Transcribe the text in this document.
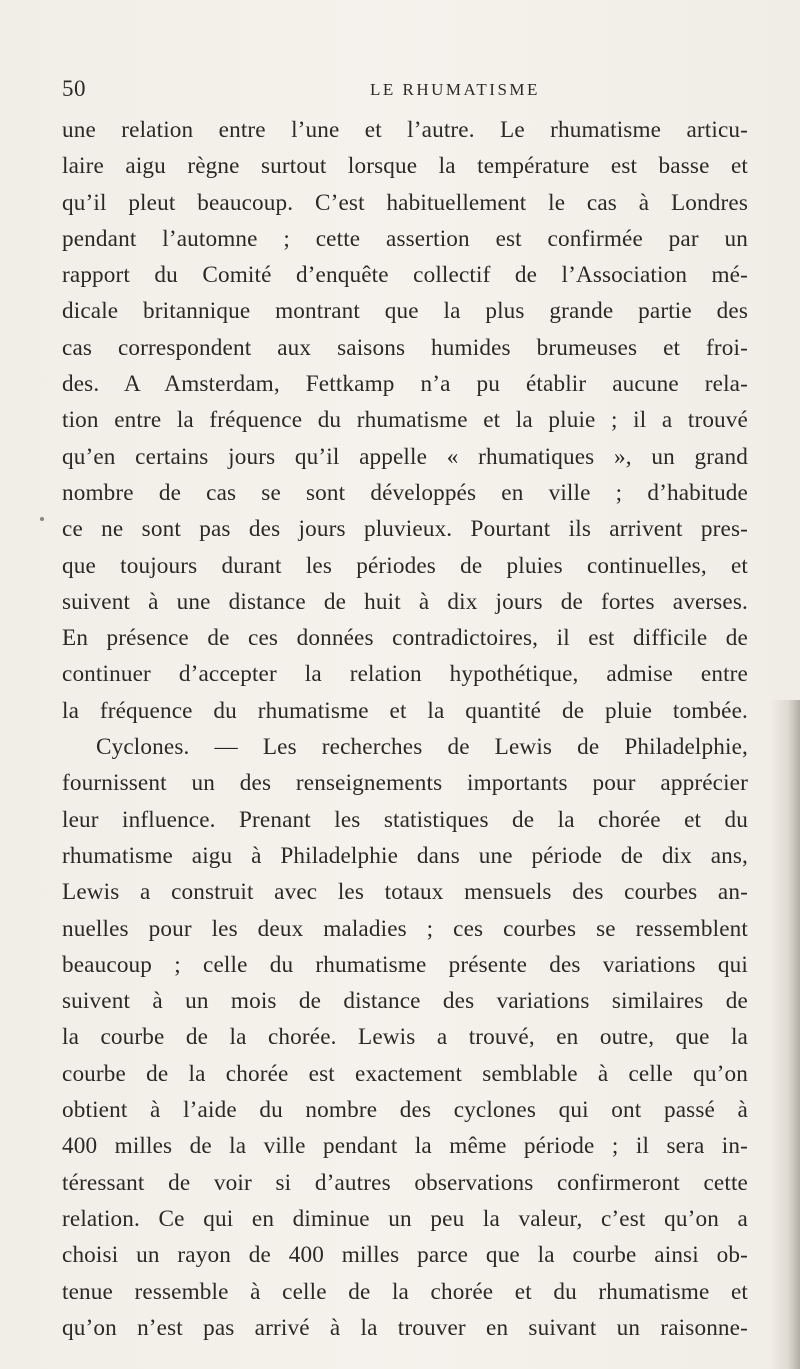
50	LE RHUMATISME
une relation entre l’une et l’autre. Le rhumatisme articu-
laire aigu règne surtout lorsque la température est basse et
qu’il pleut beaucoup. C’est habituellement le cas à Londres
pendant l’automne ; cette assertion est confirmée par un
rapport du Comité d’enquête collectif de l’Association mé-
dicale britannique montrant que la plus grande partie des
cas correspondent aux saisons humides brumeuses et froi-
des. A Amsterdam, Fettkamp n’a pu établir aucune rela-
tion entre la fréquence du rhumatisme et la pluie ; il a trouvé
qu’en certains jours qu’il appelle « rhumatiques », un grand
nombre de cas se sont développés en ville ; d’habitude
ce ne sont pas des jours pluvieux. Pourtant ils arrivent pres-
que toujours durant les périodes de pluies continuelles, et
suivent à une distance de huit à dix jours de fortes averses.
En présence de ces données contradictoires, il est difficile de
continuer d’accepter la relation hypothétique, admise entre
la fréquence du rhumatisme et la quantité de pluie tombée.
Cyclones. — Les recherches de Lewis de Philadelphie,
fournissent un des renseignements importants pour apprécier
leur influence. Prenant les statistiques de la chorée et du
rhumatisme aigu à Philadelphie dans une période de dix ans,
Lewis a construit avec les totaux mensuels des courbes an-
nuelles pour les deux maladies ; ces courbes se ressemblent
beaucoup ; celle du rhumatisme présente des variations qui
suivent à un mois de distance des variations similaires de
la courbe de la chorée. Lewis a trouvé, en outre, que la
courbe de la chorée est exactement semblable à celle qu’on
obtient à l’aide du nombre des cyclones qui ont passé à
400 milles de la ville pendant la même période ; il sera in-
téressant de voir si d’autres observations confirmeront cette
relation. Ce qui en diminue un peu la valeur, c’est qu’on a
choisi un rayon de 400 milles parce que la courbe ainsi ob-
tenue ressemble à celle de la chorée et du rhumatisme et
qu’on n’est pas arrivé à la trouver en suivant un raisonne-
